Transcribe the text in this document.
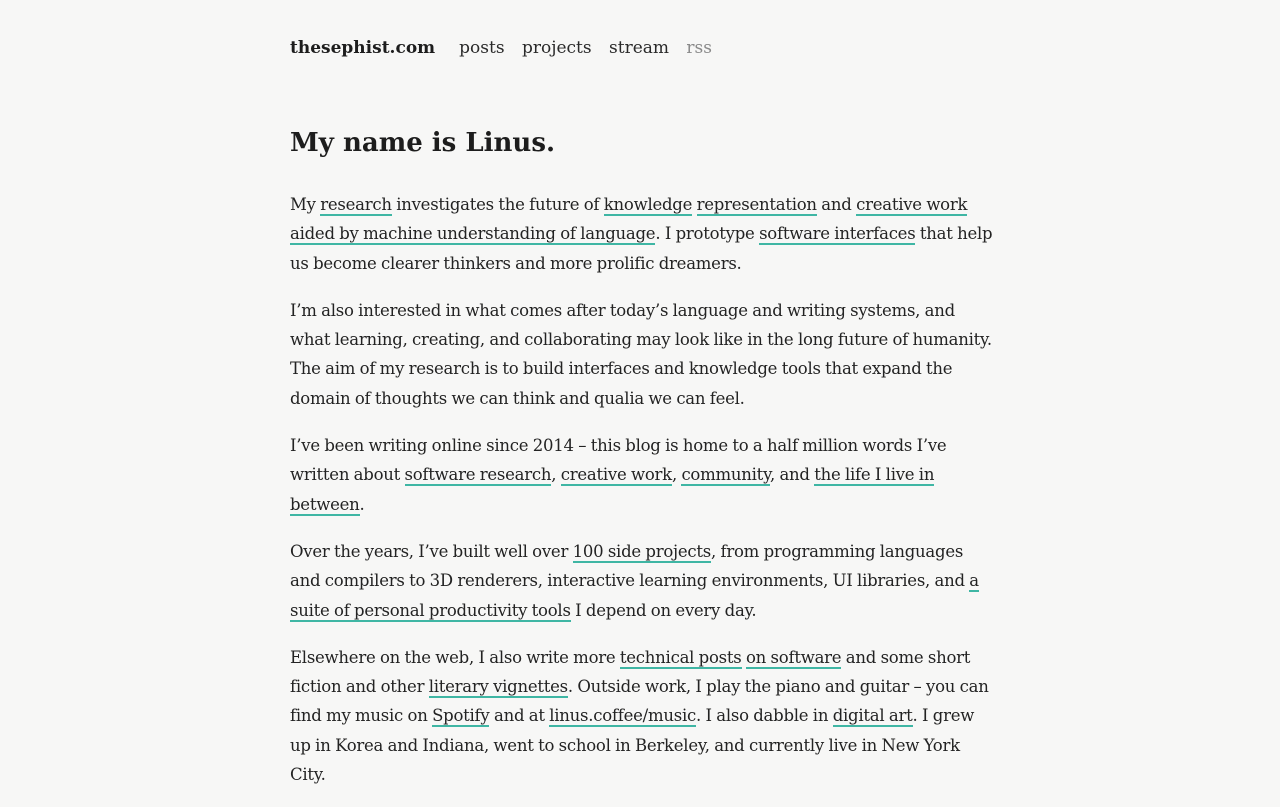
thesephist.com posts projects stream rss
My name is Linus.

My research investigates the future of knowledge representation and creative work aided by machine understanding of language. I prototype software interfaces that help us become clearer thinkers and more prolific dreamers.

I’m also interested in what comes after today’s language and writing systems, and what learning, creating, and collaborating may look like in the long future of humanity. The aim of my research is to build interfaces and knowledge tools that expand the domain of thoughts we can think and qualia we can feel.

I’ve been writing online since 2014 – this blog is home to a half million words I’ve written about software research, creative work, community, and the life I live in between.

Over the years, I’ve built well over 100 side projects, from programming languages and compilers to 3D renderers, interactive learning environments, UI libraries, and a suite of personal productivity tools I depend on every day.

Elsewhere on the web, I also write more technical posts on software and some short fiction and other literary vignettes. Outside work, I play the piano and guitar – you can find my music on Spotify and at linus.coffee/music. I also dabble in digital art. I grew up in Korea and Indiana, went to school in Berkeley, and currently live in New York City.
